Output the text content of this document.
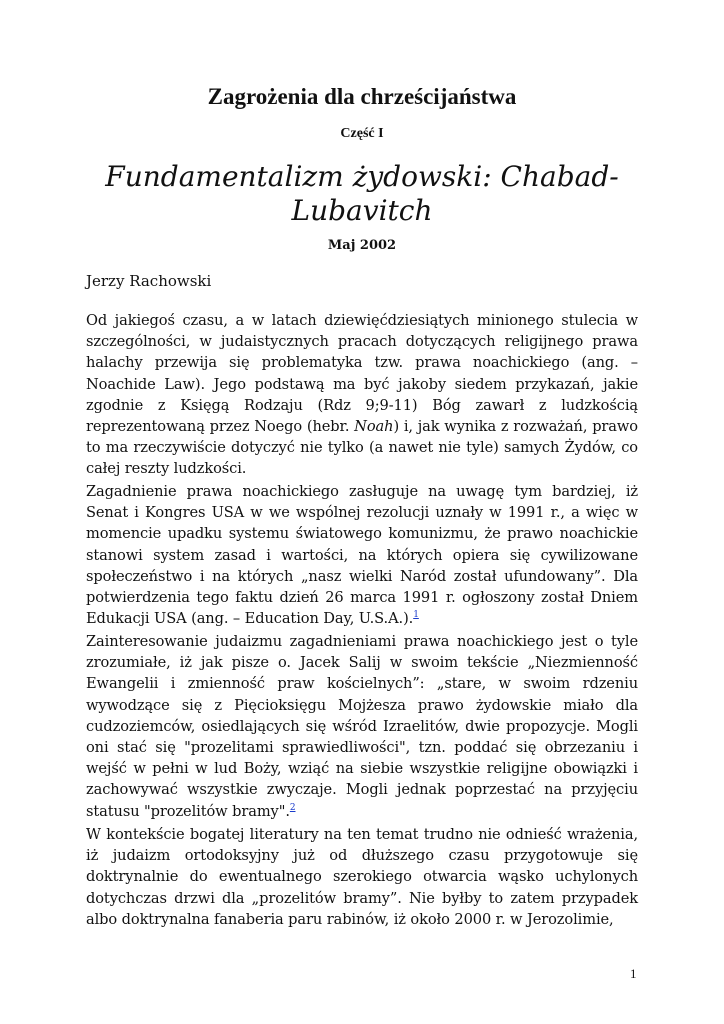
Zagrożenia dla chrześcijaństwa
Część I
Fundamentalizm żydowski: Chabad-Lubavitch
Maj 2002
Jerzy Rachowski
Od jakiegoś czasu, a w latach dziewięćdziesiątych minionego stulecia w szczególności, w judaistycznych pracach dotyczących religijnego prawa halachy przewija się problematyka tzw. prawa noachickiego (ang. – Noachide Law). Jego podstawą ma być jakoby siedem przykazań, jakie zgodnie z Księgą Rodzaju (Rdz 9;9-11) Bóg zawarł z ludzkością reprezentowaną przez Noego (hebr. Noah) i, jak wynika z rozważań, prawo to ma rzeczywiście dotyczyć nie tylko (a nawet nie tyle) samych Żydów, co całej reszty ludzkości.
Zagadnienie prawa noachickiego zasługuje na uwagę tym bardziej, iż Senat i Kongres USA w we wspólnej rezolucji uznały w 1991 r., a więc w momencie upadku systemu światowego komunizmu, że prawo noachickie stanowi system zasad i wartości, na których opiera się cywilizowane społeczeństwo i na których „nasz wielki Naród został ufundowany”. Dla potwierdzenia tego faktu dzień 26 marca 1991 r. ogłoszony został Dniem Edukacji USA (ang. – Education Day, U.S.A.).$^1$
Zainteresowanie judaizmu zagadnieniami prawa noachickiego jest o tyle zrozumiałe, iż jak pisze o. Jacek Salij w swoim tekście „Niezmienność Ewangelii i zmienność praw kościelnych”: „stare, w swoim rdzeniu wywodzące się z Pięcioksięgu Mojżesza prawo żydowskie miało dla cudzoziemców, osiedlających się wśród Izraelitów, dwie propozycje. Mogli oni stać się "prozelitami sprawiedliwości", tzn. poddać się obrzezaniu i wejść w pełni w lud Boży, wziąć na siebie wszystkie religijne obowiązki i zachowywać wszystkie zwyczaje. Mogli jednak poprzestać na przyjęciu statusu "prozelitów bramy".$^2$
W kontekście bogatej literatury na ten temat trudno nie odnieść wrażenia, iż judaizm ortodoksyjny już od dłuższego czasu przygotowuje się doktrynalnie do ewentualnego szerokiego otwarcia wąsko uchylonych dotychczas drzwi dla „prozelitów bramy”. Nie byłby to zatem przypadek albo doktrynalna fanaberia paru rabinów, iż około 2000 r. w Jerozolimie,
1
